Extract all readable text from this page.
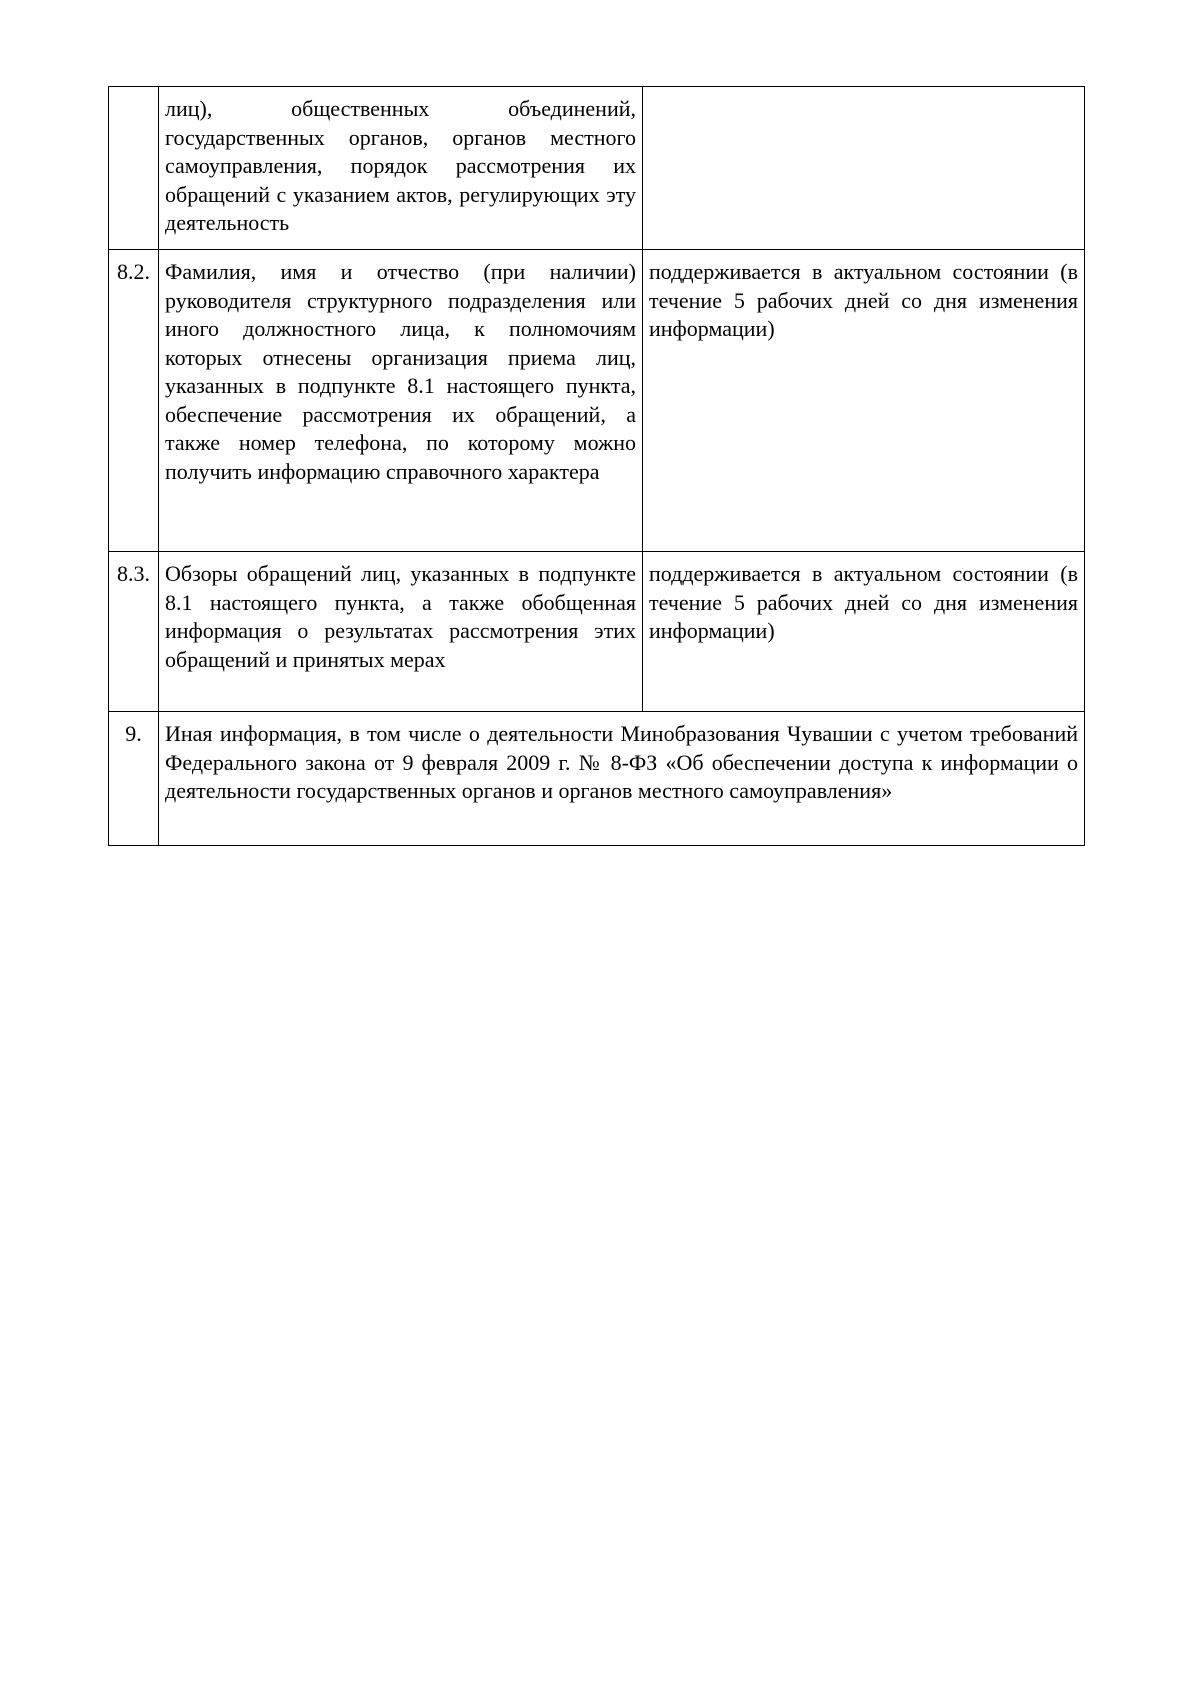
	лиц), общественных объединений, государственных органов, органов местного самоуправления, порядок рассмотрения их обращений с указанием актов, регулирующих эту деятельность	
8.2.	Фамилия, имя и отчество (при наличии) руководителя структурного подразделения или иного должностного лица, к полномочиям которых отнесены организация приема лиц, указанных в подпункте 8.1 настоящего пункта, обеспечение рассмотрения их обращений, а также номер телефона, по которому можно получить информацию справочного характера	поддерживается в актуальном состоянии (в течение 5 рабочих дней со дня изменения информации)
8.3.	Обзоры обращений лиц, указанных в подпункте 8.1 настоящего пункта, а также обобщенная информация о результатах рассмотрения этих обращений и принятых мерах	поддерживается в актуальном состоянии (в течение 5 рабочих дней со дня изменения информации)
9.	Иная информация, в том числе о деятельности Минобразования Чувашии с учетом требований Федерального закона от 9 февраля 2009 г. № 8-ФЗ «Об обеспечении доступа к информации о деятельности государственных органов и органов местного самоуправления»	
